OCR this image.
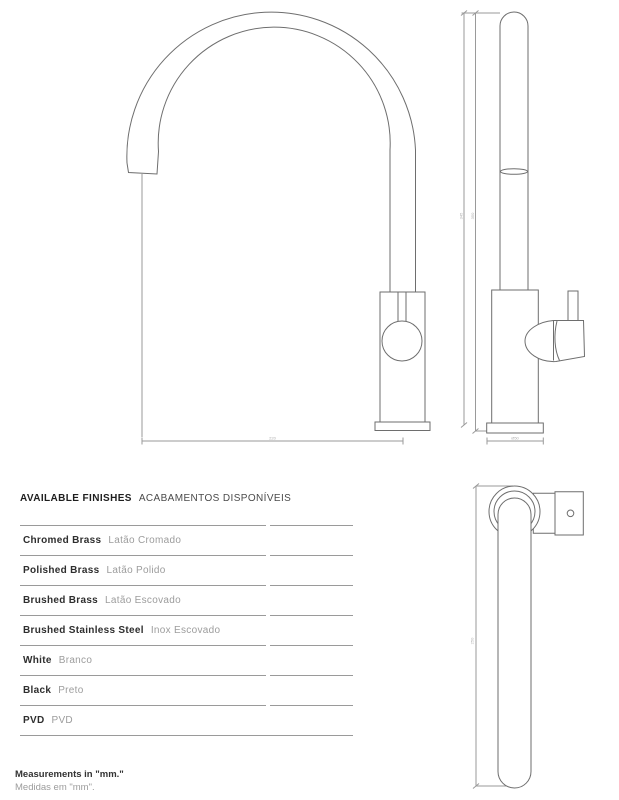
220
345 350
Ø50
250
AVAILABLE FINISHES ACABAMENTOS DISPONÍVEIS
Chromed Brass Latão Cromado
Polished Brass Latão Polido
Brushed Brass Latão Escovado
Brushed Stainless Steel Inox Escovado
White Branco
Black Preto
PVD PVD
Measurements in "mm."
Medidas em "mm".
